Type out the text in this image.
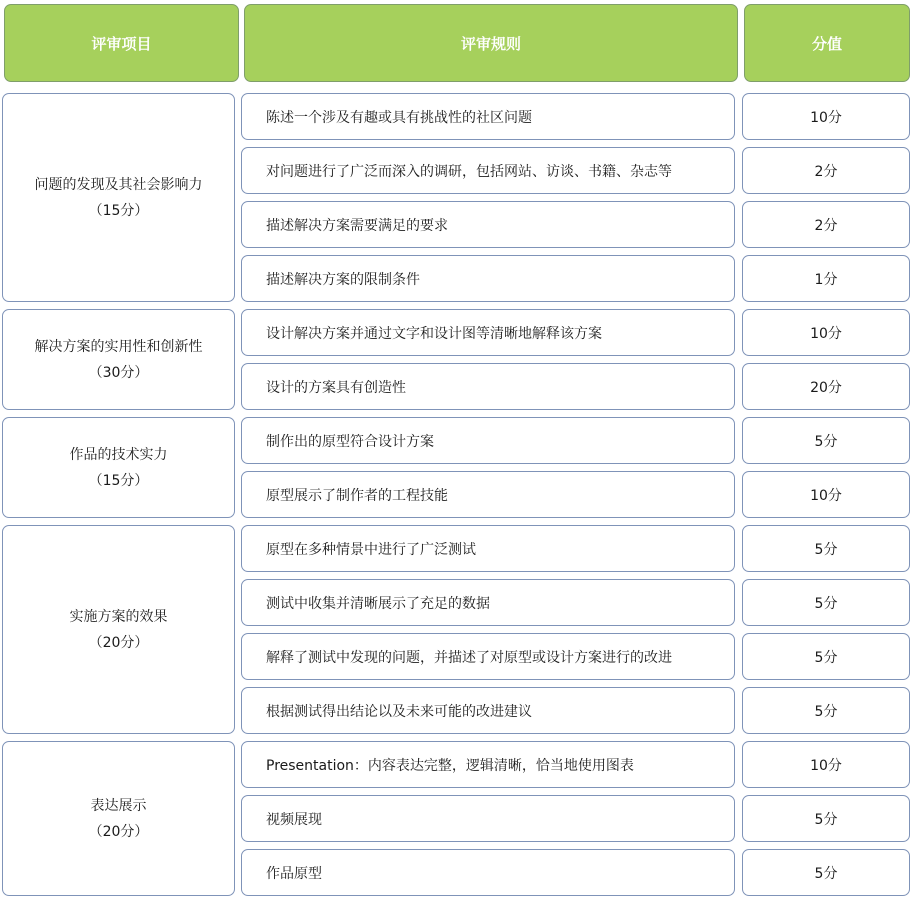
评审项目	评审规则	分值
问题的发现及其社会影响力
（15分）
解决方案的实用性和创新性
（30分）
作品的技术实力
（15分）
实施方案的效果
（20分）
表达展示
（20分）
陈述一个涉及有趣或具有挑战性的社区问题
对问题进行了广泛而深入的调研，包括网站、访谈、书籍、杂志等
描述解决方案需要满足的要求
描述解决方案的限制条件
设计解决方案并通过文字和设计图等清晰地解释该方案
设计的方案具有创造性
制作出的原型符合设计方案
原型展示了制作者的工程技能
原型在多种情景中进行了广泛测试
测试中收集并清晰展示了充足的数据
解释了测试中发现的问题，并描述了对原型或设计方案进行的改进
根据测试得出结论以及未来可能的改进建议
Presentation：内容表达完整，逻辑清晰，恰当地使用图表
视频展现
作品原型
10分
2分
2分
1分
10分
20分
5分
10分
5分
5分
5分
5分
10分
5分
5分
